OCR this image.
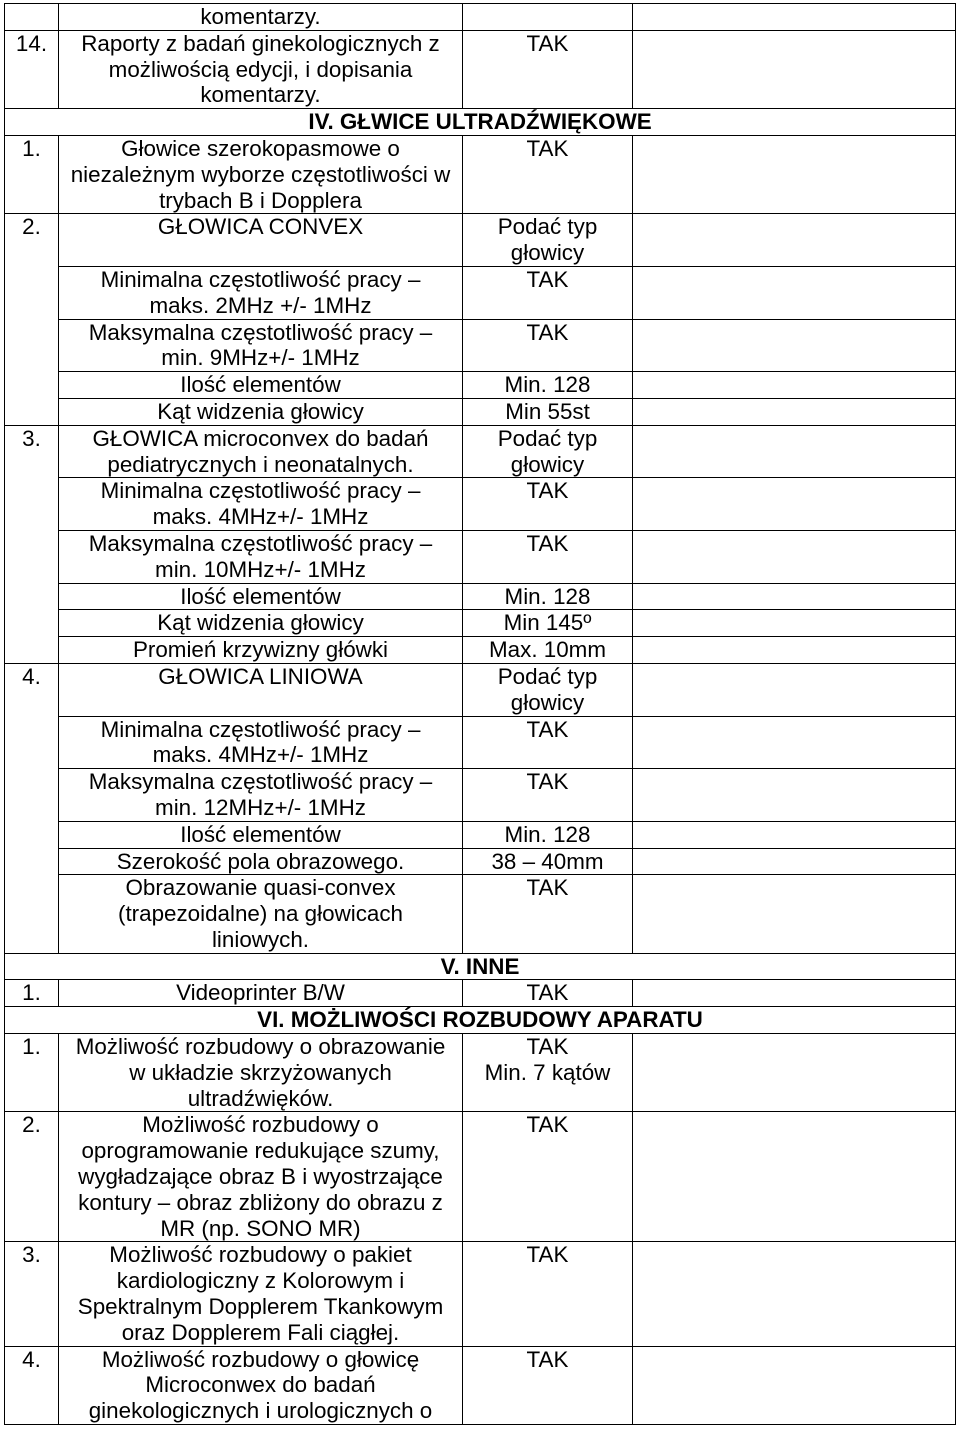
	komentarzy.		
14.	Raporty z badań ginekologicznych z
możliwością edycji, i dopisania
komentarzy.	TAK	
IV. GŁWICE ULTRADŹWIĘKOWE			
1.	Głowice szerokopasmowe o
niezależnym wyborze częstotliwości w
trybach B i Dopplera	TAK	
2.	GŁOWICA CONVEX	Podać typ
głowicy	
	Minimalna częstotliwość pracy –
maks. 2MHz +/- 1MHz	TAK	
	Maksymalna częstotliwość pracy –
min. 9MHz+/- 1MHz	TAK	
	Ilość elementów	Min. 128	
	Kąt widzenia głowicy	Min 55st	
3.	GŁOWICA microconvex do badań
pediatrycznych i neonatalnych.	Podać typ
głowicy	
	Minimalna częstotliwość pracy –
maks. 4MHz+/- 1MHz	TAK	
	Maksymalna częstotliwość pracy –
min. 10MHz+/- 1MHz	TAK	
	Ilość elementów	Min. 128	
	Kąt widzenia głowicy	Min 145º	
	Promień krzywizny główki	Max. 10mm	
4.	GŁOWICA LINIOWA	Podać typ
głowicy	
	Minimalna częstotliwość pracy –
maks. 4MHz+/- 1MHz	TAK	
	Maksymalna częstotliwość pracy –
min. 12MHz+/- 1MHz	TAK	
	Ilość elementów	Min. 128	
	Szerokość pola obrazowego.	38 – 40mm	
	Obrazowanie quasi-convex
(trapezoidalne) na głowicach
liniowych.	TAK	
V. INNE			
1.	Videoprinter B/W	TAK	
VI. MOŻLIWOŚCI ROZBUDOWY APARATU			
1.	Możliwość rozbudowy o obrazowanie
w układzie skrzyżowanych
ultradźwięków.	TAK
Min. 7 kątów	
2.	Możliwość rozbudowy o
oprogramowanie redukujące szumy,
wygładzające obraz B i wyostrzające
kontury – obraz zbliżony do obrazu z
MR (np. SONO MR)	TAK	
3.	Możliwość rozbudowy o pakiet
kardiologiczny z Kolorowym i
Spektralnym Dopplerem Tkankowym
oraz Dopplerem Fali ciągłej.	TAK	
4.	Możliwość rozbudowy o głowicę
Microconwex do badań
ginekologicznych i urologicznych o	TAK	
